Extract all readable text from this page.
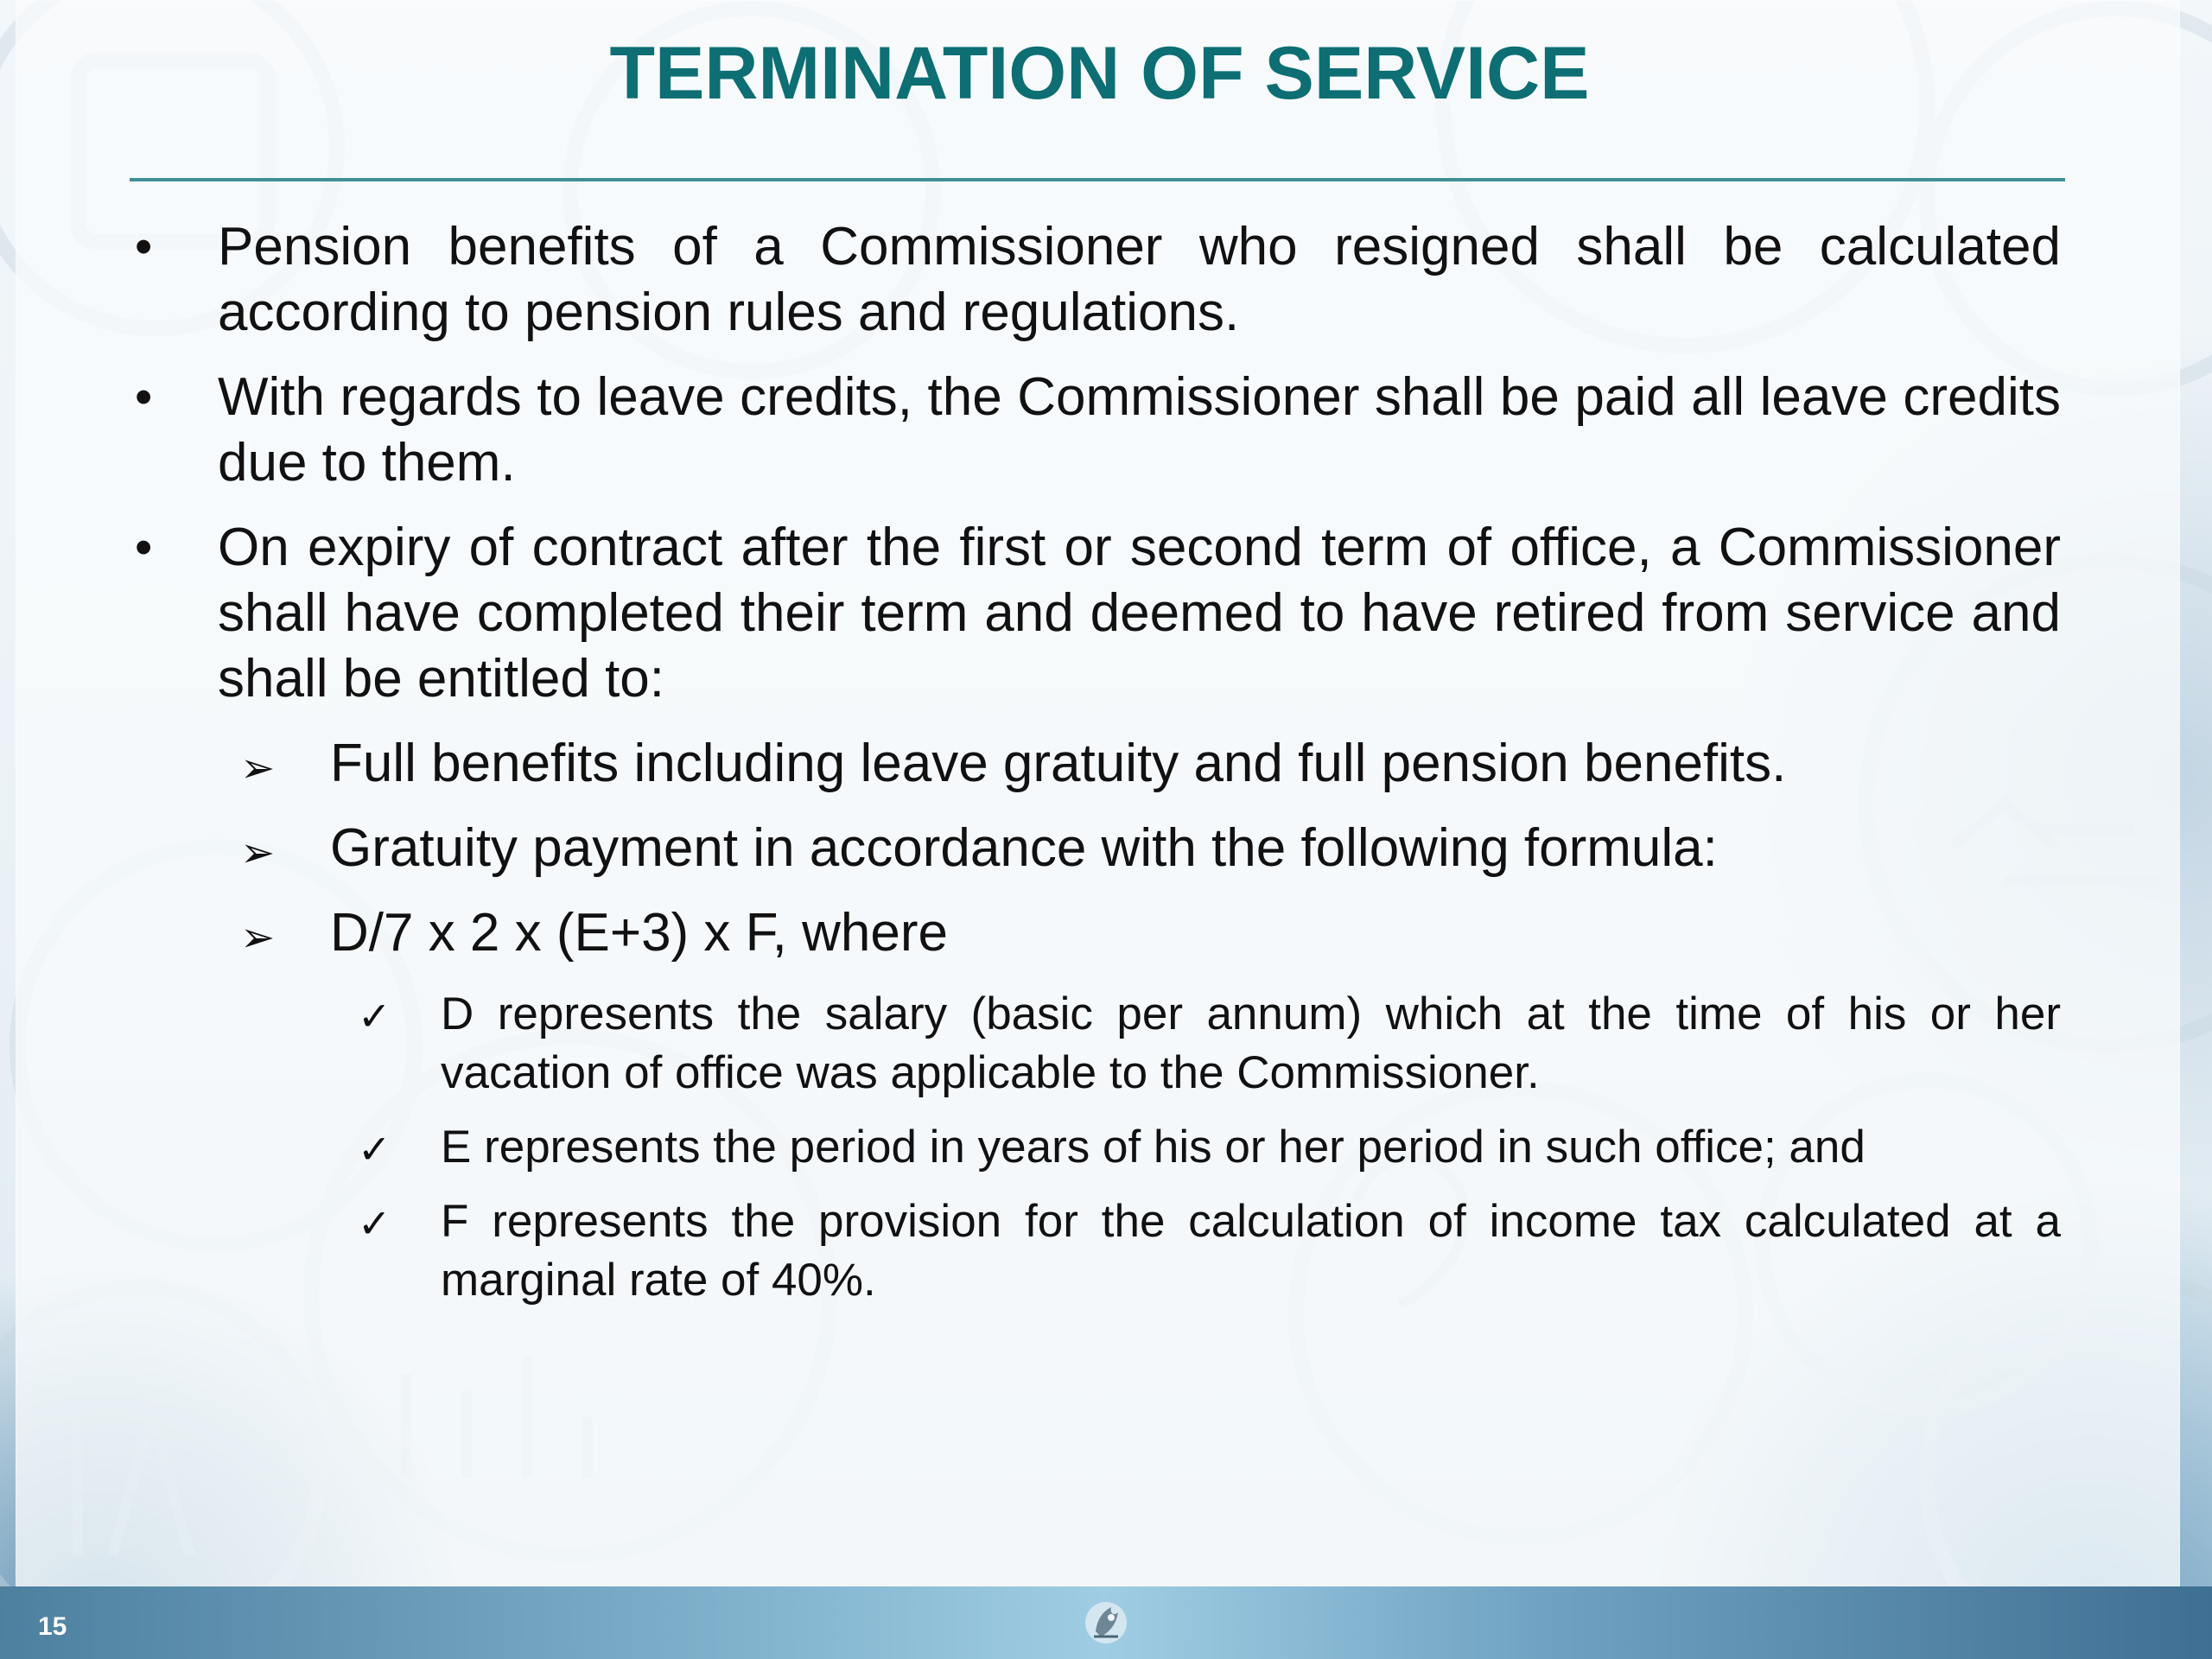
TERMINATION OF SERVICE
• Pension benefits of a Commissioner who resigned shall be calculated according to pension rules and regulations.
• With regards to leave credits, the Commissioner shall be paid all leave credits due to them.
• On expiry of contract after the first or second term of office, a Commissioner shall have completed their term and deemed to have retired from service and shall be entitled to:
➢ Full benefits including leave gratuity and full pension benefits.
➢ Gratuity payment in accordance with the following formula:
➢ D/7 x 2 x (E+3) x F, where
✓ D represents the salary (basic per annum) which at the time of his or her vacation of office was applicable to the Commissioner.
✓ E represents the period in years of his or her period in such office; and
✓ F represents the provision for the calculation of income tax calculated at a marginal rate of 40%.
15
